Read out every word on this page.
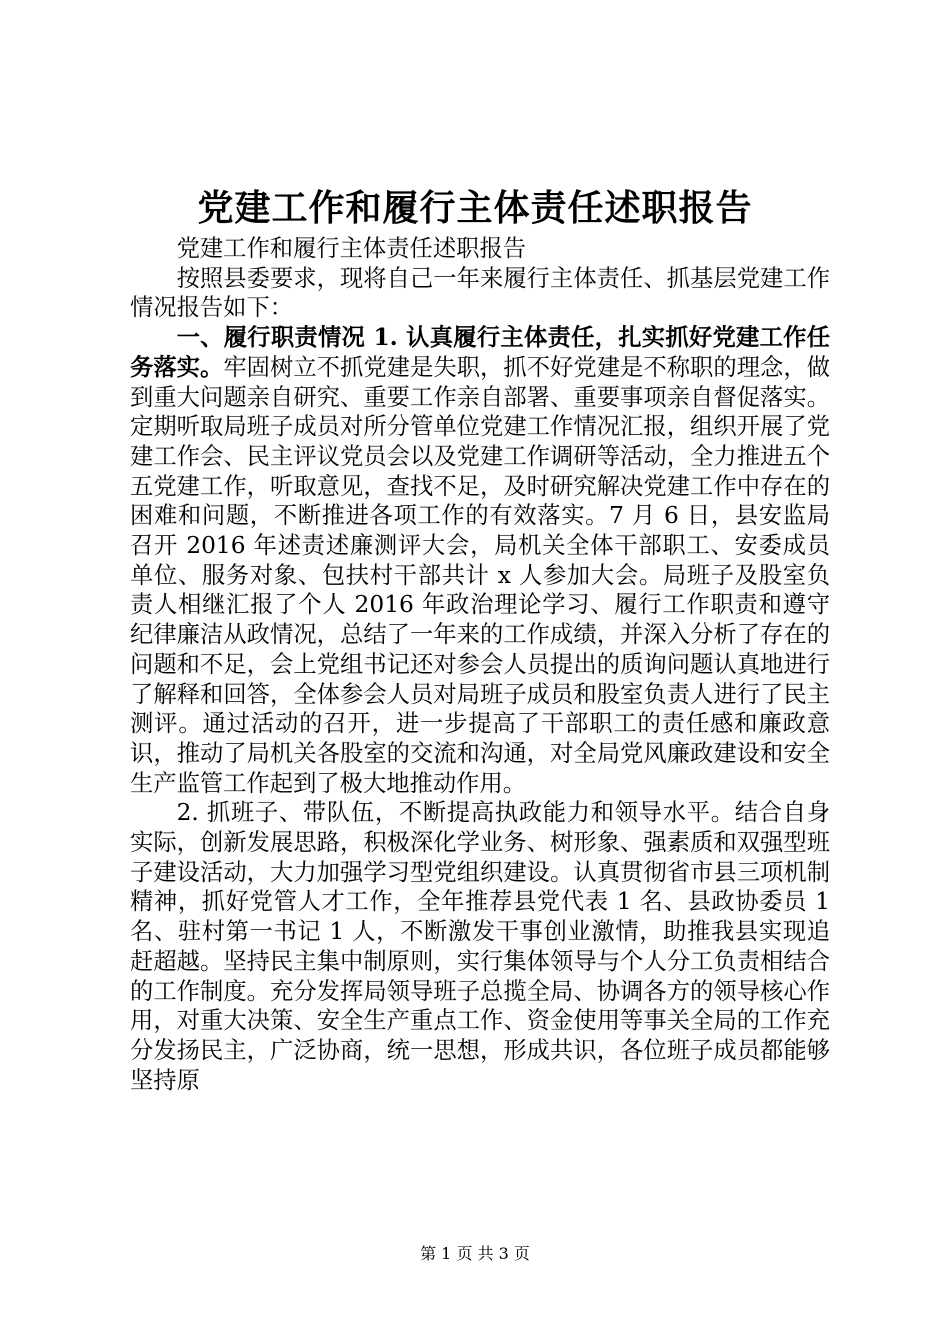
党建工作和履行主体责任述职报告

党建工作和履行主体责任述职报告

按照县委要求，现将自己一年来履行主体责任、抓基层党建工作情况报告如下：

一、履行职责情况 1. 认真履行主体责任，扎实抓好党建工作任务落实。牢固树立不抓党建是失职，抓不好党建是不称职的理念，做到重大问题亲自研究、重要工作亲自部署、重要事项亲自督促落实。定期听取局班子成员对所分管单位党建工作情况汇报，组织开展了党建工作会、民主评议党员会以及党建工作调研等活动，全力推进五个五党建工作，听取意见，查找不足，及时研究解决党建工作中存在的困难和问题，不断推进各项工作的有效落实。7 月 6 日，县安监局召开 2016 年述责述廉测评大会，局机关全体干部职工、安委成员单位、服务对象、包扶村干部共计 x 人参加大会。局班子及股室负责人相继汇报了个人 2016 年政治理论学习、履行工作职责和遵守纪律廉洁从政情况，总结了一年来的工作成绩，并深入分析了存在的问题和不足，会上党组书记还对参会人员提出的质询问题认真地进行了解释和回答，全体参会人员对局班子成员和股室负责人进行了民主测评。通过活动的召开，进一步提高了干部职工的责任感和廉政意识，推动了局机关各股室的交流和沟通，对全局党风廉政建设和安全生产监管工作起到了极大地推动作用。

2. 抓班子、带队伍，不断提高执政能力和领导水平。结合自身实际，创新发展思路，积极深化学业务、树形象、强素质和双强型班子建设活动，大力加强学习型党组织建设。认真贯彻省市县三项机制精神，抓好党管人才工作，全年推荐县党代表 1 名、县政协委员 1 名、驻村第一书记 1 人，不断激发干事创业激情，助推我县实现追赶超越。坚持民主集中制原则，实行集体领导与个人分工负责相结合的工作制度。充分发挥局领导班子总揽全局、协调各方的领导核心作用，对重大决策、安全生产重点工作、资金使用等事关全局的工作充分发扬民主，广泛协商，统一思想，形成共识，各位班子成员都能够坚持原

第 1 页 共 3 页
